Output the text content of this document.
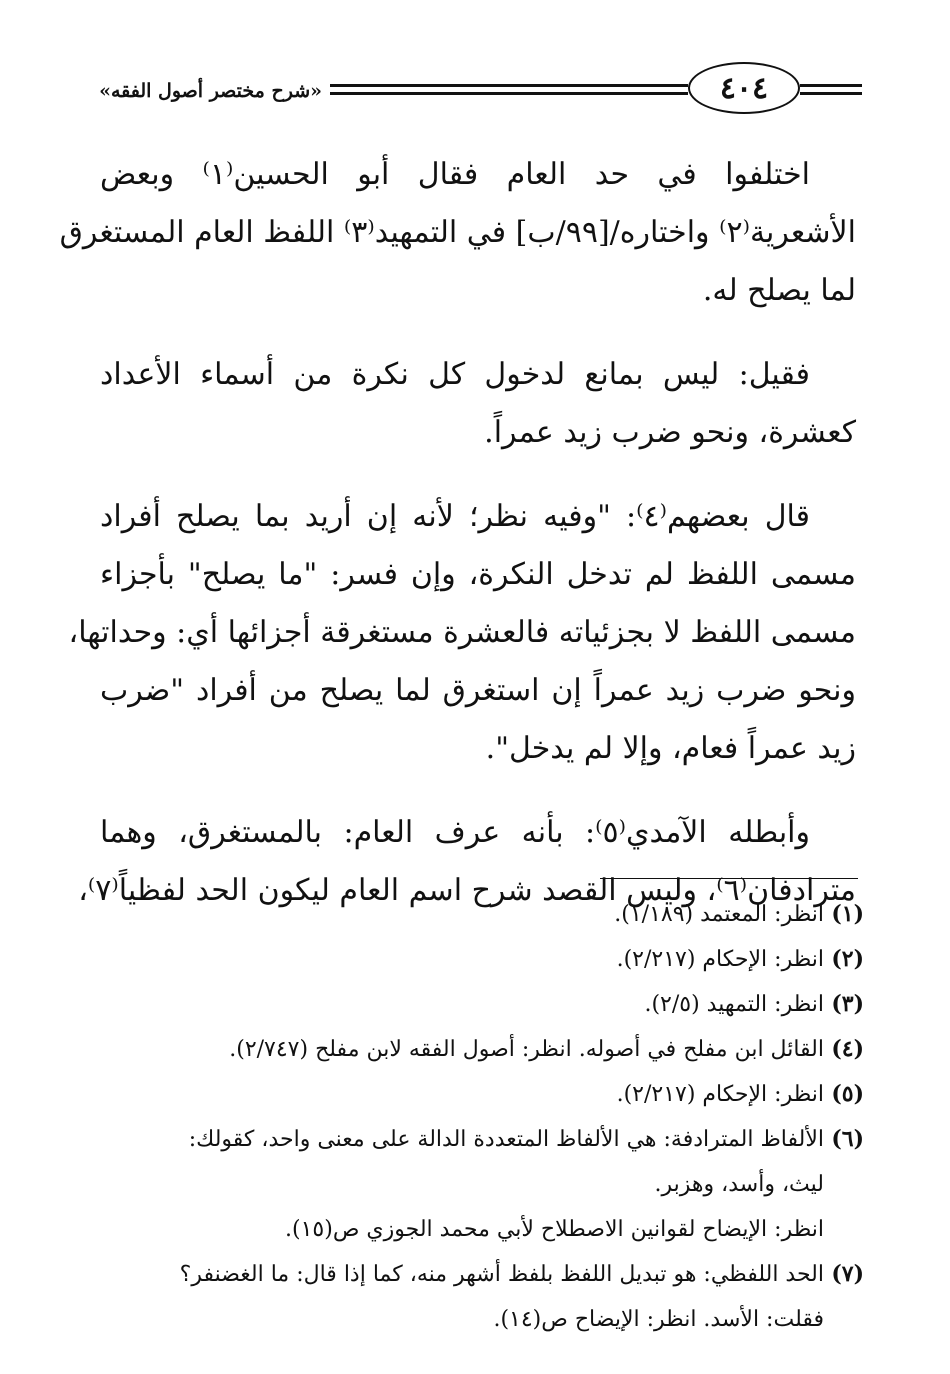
«شرح مختصر أصول الفقه»	٤٠٤

اختلفوا في حد العام فقال أبو الحسين⁽١⁾ وبعض
الأشعرية⁽٢⁾ واختاره/[٩٩/ب] في التمهيد⁽٣⁾ اللفظ العام المستغرق
لما يصلح له.

فقيل: ليس بمانع لدخول كل نكرة من أسماء الأعداد
كعشرة، ونحو ضرب زيد عمراً.

قال بعضهم⁽٤⁾: "وفيه نظر؛ لأنه إن أريد بما يصلح أفراد
مسمى اللفظ لم تدخل النكرة، وإن فسر: "ما يصلح" بأجزاء
مسمى اللفظ لا بجزئياته فالعشرة مستغرقة أجزائها أي: وحداتها،
ونحو ضرب زيد عمراً إن استغرق لما يصلح من أفراد "ضرب
زيد عمراً فعام، وإلا لم يدخل".

وأبطله الآمدي⁽٥⁾: بأنه عرف العام: بالمستغرق، وهما
مترادفان⁽٦⁾، وليس القصد شرح اسم العام ليكون الحد لفظياً⁽٧⁾،

(١)انظر: المعتمد (١/١٨٩).
(٢)انظر: الإحكام (٢/٢١٧).
(٣)انظر: التمهيد (٢/٥).
(٤)القائل ابن مفلح في أصوله. انظر: أصول الفقه لابن مفلح (٢/٧٤٧).
(٥)انظر: الإحكام (٢/٢١٧).
(٦)الألفاظ المترادفة: هي الألفاظ المتعددة الدالة على معنى واحد، كقولك:
ليث، وأسد، وهزبر.
انظر: الإيضاح لقوانين الاصطلاح لأبي محمد الجوزي ص(١٥).
(٧)الحد اللفظي: هو تبديل اللفظ بلفظ أشهر منه، كما إذا قال: ما الغضنفر؟
فقلت: الأسد. انظر: الإيضاح ص(١٤).
